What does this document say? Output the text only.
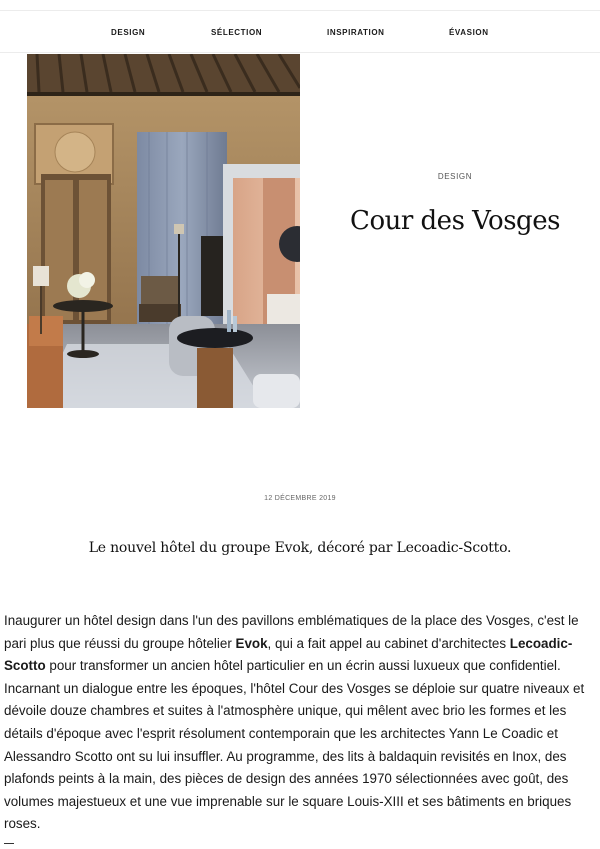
DESIGN	SÉLECTION	INSPIRATION	ÉVASION
DESIGN
Cour des Vosges
12 DÉCEMBRE 2019
Le nouvel hôtel du groupe Evok, décoré par Lecoadic-Scotto.

Inaugurer un hôtel design dans l'un des pavillons emblématiques de la place des Vosges, c'est le pari plus que réussi du groupe hôtelier Evok, qui a fait appel au cabinet d'architectes Lecoadic-Scotto pour transformer un ancien hôtel particulier en un écrin aussi luxueux que confidentiel. Incarnant un dialogue entre les époques, l'hôtel Cour des Vosges se déploie sur quatre niveaux et dévoile douze chambres et suites à l'atmosphère unique, qui mêlent avec brio les formes et les détails d'époque avec l'esprit résolument contemporain que les architectes Yann Le Coadic et Alessandro Scotto ont su lui insuffler. Au programme, des lits à baldaquin revisités en Inox, des plafonds peints à la main, des pièces de design des années 1970 sélectionnées avec goût, des volumes majestueux et une vue imprenable sur le square Louis-XIII et ses bâtiments en briques roses.
